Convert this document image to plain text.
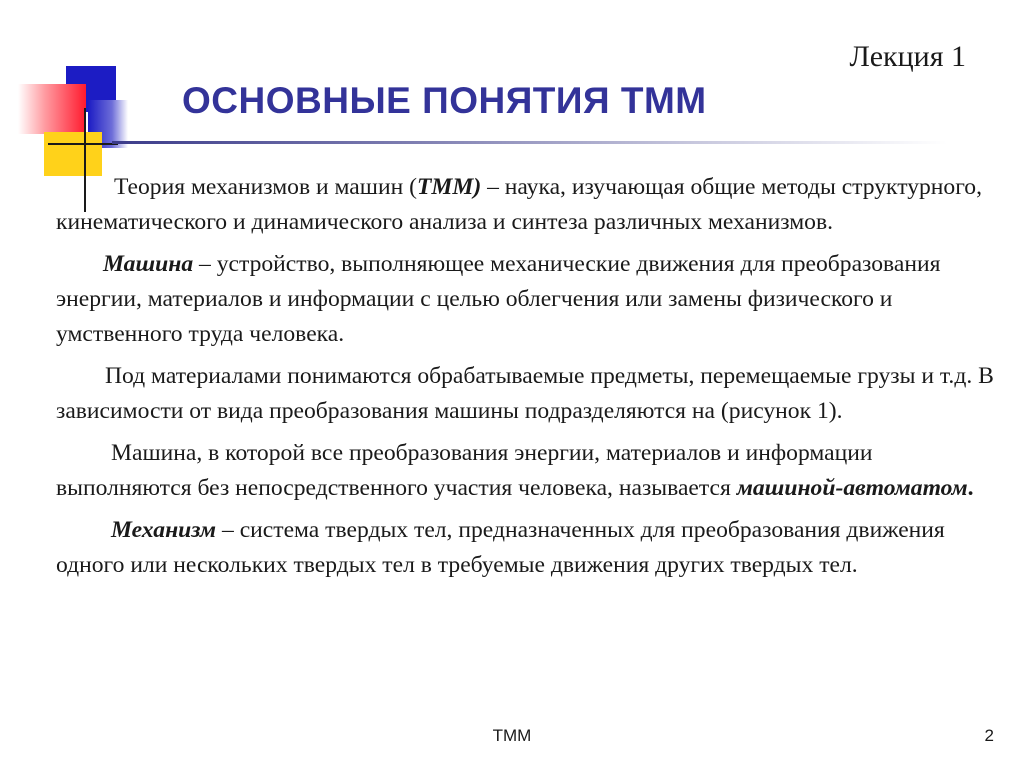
Лекция 1
ОСНОВНЫЕ ПОНЯТИЯ ТММ

Теория механизмов и машин (ТММ) – наука, изучающая общие методы структурного, кинематического и динамического анализа и синтеза различных механизмов.

Машина – устройство, выполняющее механические движения для преобразования энергии, материалов и информации с целью облегчения или замены физического и умственного труда человека.

Под материалами понимаются обрабатываемые предметы, перемещаемые грузы и т.д. В зависимости от вида преобразования машины подразделяются на (рисунок 1).

Машина, в которой все преобразования энергии, материалов и информации выполняются без непосредственного участия человека, называется машиной-автоматом.

Механизм – система твердых тел, предназначенных для преобразования движения одного или нескольких твердых тел в требуемые движения других твердых тел.

ТММ	2
